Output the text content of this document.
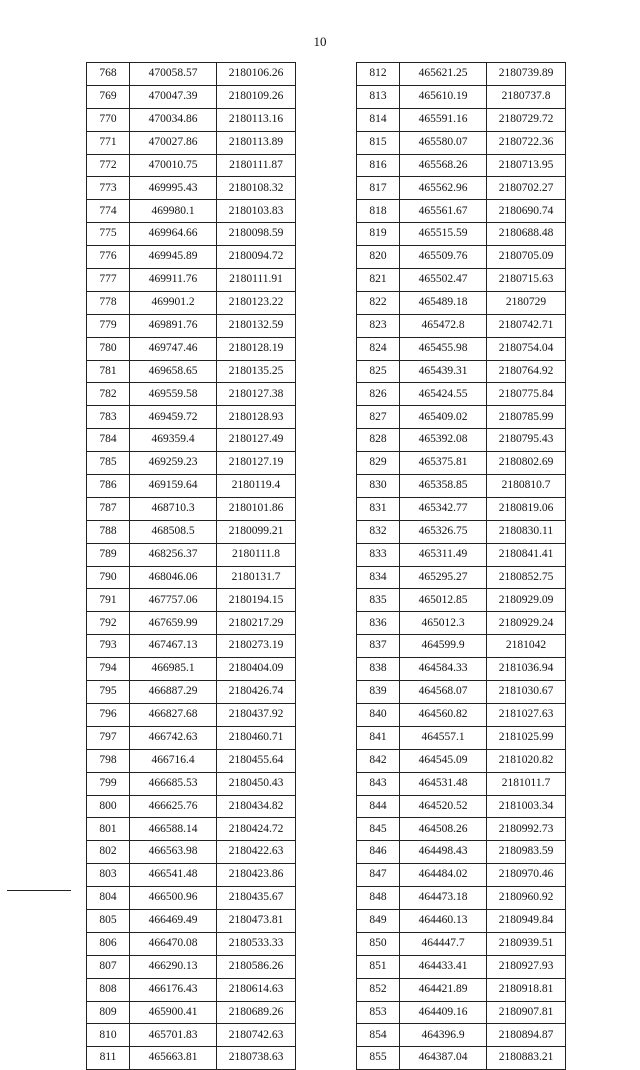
10
768	470058.57	2180106.26
769	470047.39	2180109.26
770	470034.86	2180113.16
771	470027.86	2180113.89
772	470010.75	2180111.87
773	469995.43	2180108.32
774	469980.1	2180103.83
775	469964.66	2180098.59
776	469945.89	2180094.72
777	469911.76	2180111.91
778	469901.2	2180123.22
779	469891.76	2180132.59
780	469747.46	2180128.19
781	469658.65	2180135.25
782	469559.58	2180127.38
783	469459.72	2180128.93
784	469359.4	2180127.49
785	469259.23	2180127.19
786	469159.64	2180119.4
787	468710.3	2180101.86
788	468508.5	2180099.21
789	468256.37	2180111.8
790	468046.06	2180131.7
791	467757.06	2180194.15
792	467659.99	2180217.29
793	467467.13	2180273.19
794	466985.1	2180404.09
795	466887.29	2180426.74
796	466827.68	2180437.92
797	466742.63	2180460.71
798	466716.4	2180455.64
799	466685.53	2180450.43
800	466625.76	2180434.82
801	466588.14	2180424.72
802	466563.98	2180422.63
803	466541.48	2180423.86
804	466500.96	2180435.67
805	466469.49	2180473.81
806	466470.08	2180533.33
807	466290.13	2180586.26
808	466176.43	2180614.63
809	465900.41	2180689.26
810	465701.83	2180742.63
811	465663.81	2180738.63
812	465621.25	2180739.89
813	465610.19	2180737.8
814	465591.16	2180729.72
815	465580.07	2180722.36
816	465568.26	2180713.95
817	465562.96	2180702.27
818	465561.67	2180690.74
819	465515.59	2180688.48
820	465509.76	2180705.09
821	465502.47	2180715.63
822	465489.18	2180729
823	465472.8	2180742.71
824	465455.98	2180754.04
825	465439.31	2180764.92
826	465424.55	2180775.84
827	465409.02	2180785.99
828	465392.08	2180795.43
829	465375.81	2180802.69
830	465358.85	2180810.7
831	465342.77	2180819.06
832	465326.75	2180830.11
833	465311.49	2180841.41
834	465295.27	2180852.75
835	465012.85	2180929.09
836	465012.3	2180929.24
837	464599.9	2181042
838	464584.33	2181036.94
839	464568.07	2181030.67
840	464560.82	2181027.63
841	464557.1	2181025.99
842	464545.09	2181020.82
843	464531.48	2181011.7
844	464520.52	2181003.34
845	464508.26	2180992.73
846	464498.43	2180983.59
847	464484.02	2180970.46
848	464473.18	2180960.92
849	464460.13	2180949.84
850	464447.7	2180939.51
851	464433.41	2180927.93
852	464421.89	2180918.81
853	464409.16	2180907.81
854	464396.9	2180894.87
855	464387.04	2180883.21
